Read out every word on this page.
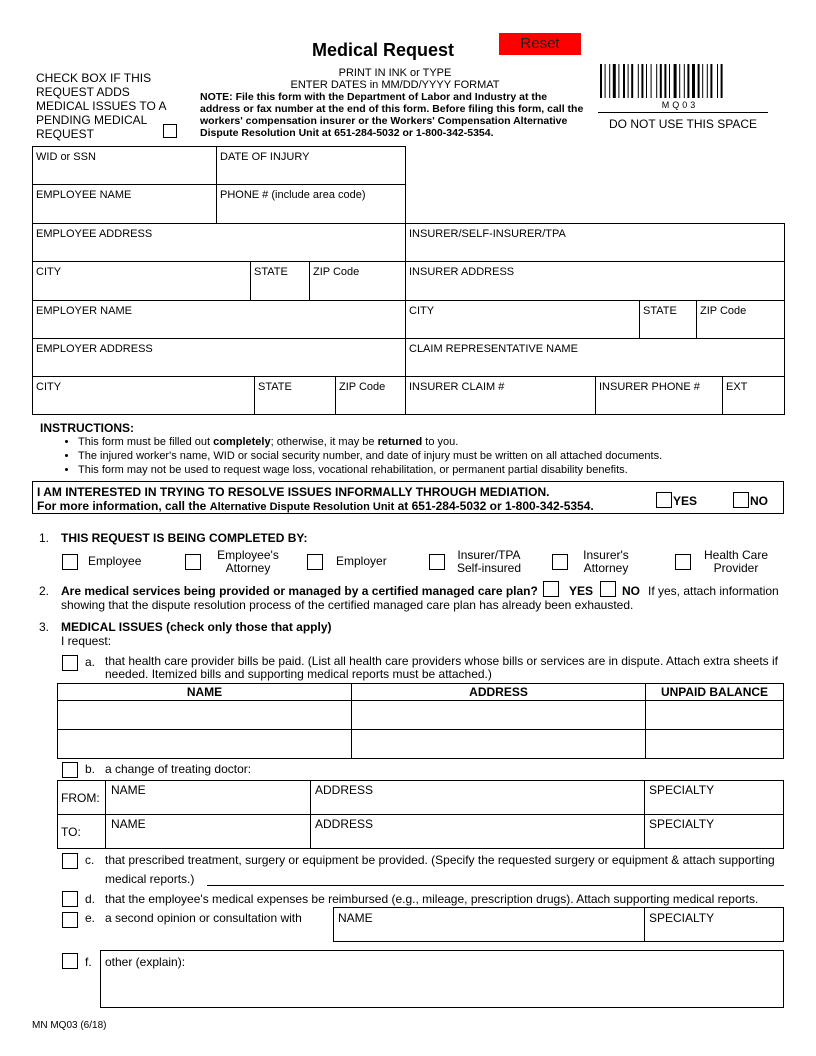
Medical Request	Reset
CHECK BOX IF THIS REQUEST ADDS MEDICAL ISSUES TO A PENDING MEDICAL REQUEST
PRINT IN INK or TYPE
ENTER DATES in MM/DD/YYYY FORMAT
NOTE: File this form with the Department of Labor and Industry at the address or fax number at the end of this form. Before filing this form, call the workers' compensation insurer or the Workers' Compensation Alternative Dispute Resolution Unit at 651-284-5032 or 1-800-342-5354.
MQ03
DO NOT USE THIS SPACE
WID or SSN	DATE OF INJURY
EMPLOYEE NAME	PHONE # (include area code)
EMPLOYEE ADDRESS	INSURER/SELF-INSURER/TPA
CITY	STATE	ZIP Code	INSURER ADDRESS
EMPLOYER NAME	CITY	STATE	ZIP Code
EMPLOYER ADDRESS	CLAIM REPRESENTATIVE NAME
CITY	STATE	ZIP Code	INSURER CLAIM #	INSURER PHONE #	EXT
INSTRUCTIONS:
• This form must be filled out completely; otherwise, it may be returned to you.
• The injured worker's name, WID or social security number, and date of injury must be written on all attached documents.
• This form may not be used to request wage loss, vocational rehabilitation, or permanent partial disability benefits.
I AM INTERESTED IN TRYING TO RESOLVE ISSUES INFORMALLY THROUGH MEDIATION.
For more information, call the Alternative Dispute Resolution Unit at 651-284-5032 or 1-800-342-5354.	YES	NO
1. THIS REQUEST IS BEING COMPLETED BY:
Employee	Employee's Attorney	Employer	Insurer/TPA Self-insured
Insurer's Attorney
Health Care Provider
2. Are medical services being provided or managed by a certified managed care plan?	YES NO If yes, attach information
showing that the dispute resolution process of the certified managed care plan has already been exhausted.
3. MEDICAL ISSUES (check only those that apply)
I request:
a. that health care provider bills be paid. (List all health care providers whose bills or services are in dispute. Attach extra sheets if needed. Itemized bills and supporting medical reports must be attached.)
NAME	ADDRESS	UNPAID BALANCE

b. a change of treating doctor:
FROM:
NAME	ADDRESS	SPECIALTY
TO:
NAME	ADDRESS	SPECIALTY
c. that prescribed treatment, surgery or equipment be provided. (Specify the requested surgery or equipment & attach supporting
medical reports.)
d. that the employee's medical expenses be reimbursed (e.g., mileage, prescription drugs). Attach supporting medical reports.
e. a second opinion or consultation with	NAME	SPECIALTY
f. other (explain):
MN MQ03 (6/18)
